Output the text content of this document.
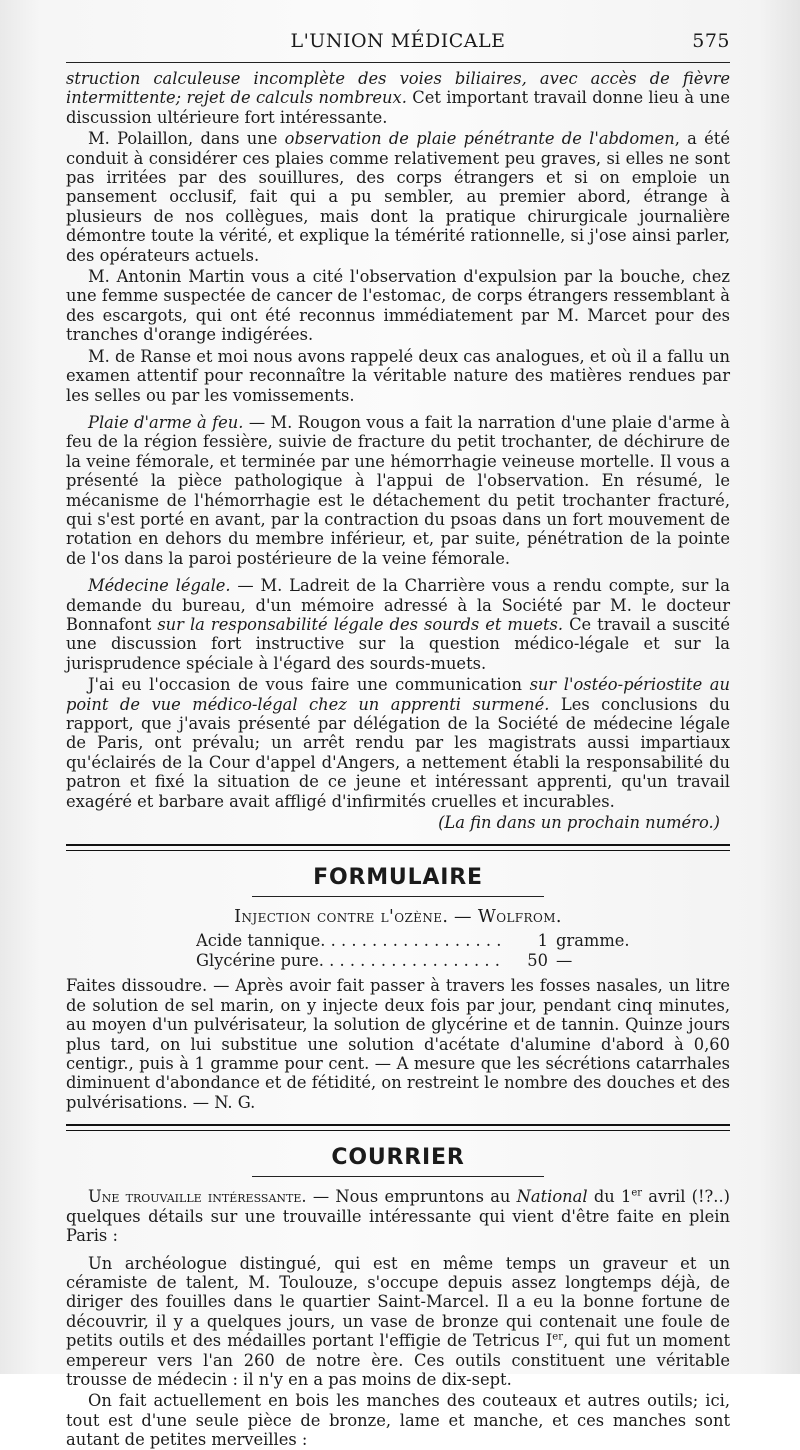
L'UNION MÉDICALE	575

struction calculeuse incomplète des voies biliaires, avec accès de fièvre intermittente; rejet de calculs nombreux. Cet important travail donne lieu à une discussion ultérieure fort intéressante.

M. Polaillon, dans une observation de plaie pénétrante de l'abdomen, a été conduit à considérer ces plaies comme relativement peu graves, si elles ne sont pas irritées par des souillures, des corps étrangers et si on emploie un pansement occlusif, fait qui a pu sembler, au premier abord, étrange à plusieurs de nos collègues, mais dont la pratique chirurgicale journalière démontre toute la vérité, et explique la témérité rationnelle, si j'ose ainsi parler, des opérateurs actuels.

M. Antonin Martin vous a cité l'observation d'expulsion par la bouche, chez une femme suspectée de cancer de l'estomac, de corps étrangers ressemblant à des escargots, qui ont été reconnus immédiatement par M. Marcet pour des tranches d'orange indigérées.

M. de Ranse et moi nous avons rappelé deux cas analogues, et où il a fallu un examen attentif pour reconnaître la véritable nature des matières rendues par les selles ou par les vomissements.

Plaie d'arme à feu. — M. Rougon vous a fait la narration d'une plaie d'arme à feu de la région fessière, suivie de fracture du petit trochanter, de déchirure de la veine fémorale, et terminée par une hémorrhagie veineuse mortelle. Il vous a présenté la pièce pathologique à l'appui de l'observation. En résumé, le mécanisme de l'hémorrhagie est le détachement du petit trochanter fracturé, qui s'est porté en avant, par la contraction du psoas dans un fort mouvement de rotation en dehors du membre inférieur, et, par suite, pénétration de la pointe de l'os dans la paroi postérieure de la veine fémorale.

Médecine légale. — M. Ladreit de la Charrière vous a rendu compte, sur la demande du bureau, d'un mémoire adressé à la Société par M. le docteur Bonnafont sur la responsabilité légale des sourds et muets. Ce travail a suscité une discussion fort instructive sur la question médico-légale et sur la jurisprudence spéciale à l'égard des sourds-muets.

J'ai eu l'occasion de vous faire une communication sur l'ostéo-périostite au point de vue médico-légal chez un apprenti surmené. Les conclusions du rapport, que j'avais présenté par délégation de la Société de médecine légale de Paris, ont prévalu; un arrêt rendu par les magistrats aussi impartiaux qu'éclairés de la Cour d'appel d'Angers, a nettement établi la responsabilité du patron et fixé la situation de ce jeune et intéressant apprenti, qu'un travail exagéré et barbare avait affligé d'infirmités cruelles et incurables.

(La fin dans un prochain numéro.)

FORMULAIRE
Injection contre l'ozène. — Wolfrom.
Acide tannique. . . . . . . . . . . . . . . . . .	1 gramme.
Glycérine pure. . . . . . . . . . . . . . . . . .	50 —

Faites dissoudre. — Après avoir fait passer à travers les fosses nasales, un litre de solution de sel marin, on y injecte deux fois par jour, pendant cinq minutes, au moyen d'un pulvérisateur, la solution de glycérine et de tannin. Quinze jours plus tard, on lui substitue une solution d'acétate d'alumine d'abord à 0,60 centigr., puis à 1 gramme pour cent. — A mesure que les sécrétions catarrhales diminuent d'abondance et de fétidité, on restreint le nombre des douches et des pulvérisations. — N. G.

COURRIER

Une trouvaille intéressante. — Nous empruntons au National du 1er avril (!?..) quelques détails sur une trouvaille intéressante qui vient d'être faite en plein Paris :

Un archéologue distingué, qui est en même temps un graveur et un céramiste de talent, M. Toulouze, s'occupe depuis assez longtemps déjà, de diriger des fouilles dans le quartier Saint-Marcel. Il a eu la bonne fortune de découvrir, il y a quelques jours, un vase de bronze qui contenait une foule de petits outils et des médailles portant l'effigie de Tetricus Ier, qui fut un moment empereur vers l'an 260 de notre ère. Ces outils constituent une véritable trousse de médecin : il n'y en a pas moins de dix-sept.

On fait actuellement en bois les manches des couteaux et autres outils; ici, tout est d'une seule pièce de bronze, lame et manche, et ces manches sont autant de petites merveilles :
